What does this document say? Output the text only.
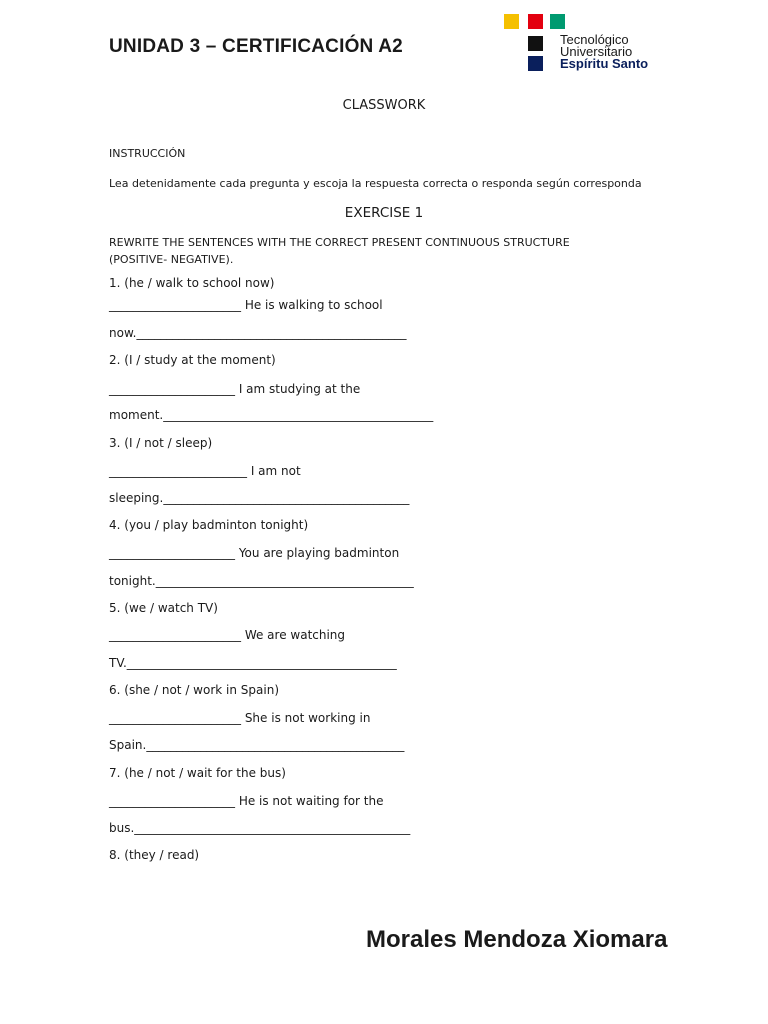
UNIDAD 3 – CERTIFICACIÓN A2	Tecnológico
Universitario
Espíritu Santo
CLASSWORK
INSTRUCCIÓN
Lea detenidamente cada pregunta y escoja la respuesta correcta o responda según corresponda
EXERCISE 1
REWRITE THE SENTENCES WITH THE CORRECT PRESENT CONTINUOUS STRUCTURE
(POSITIVE- NEGATIVE).
1. (he / walk to school now)
______________________ He is walking to school
now._____________________________________________
2. (I / study at the moment)
_____________________ I am studying at the
moment._____________________________________________
3. (I / not / sleep)
_______________________ I am not
sleeping._________________________________________
4. (you / play badminton tonight)
_____________________ You are playing badminton
tonight.___________________________________________
5. (we / watch TV)
______________________ We are watching
TV._____________________________________________
6. (she / not / work in Spain)
______________________ She is not working in
Spain.___________________________________________
7. (he / not / wait for the bus)
_____________________ He is not waiting for the
bus.______________________________________________
8. (they / read)
Morales Mendoza Xiomara
